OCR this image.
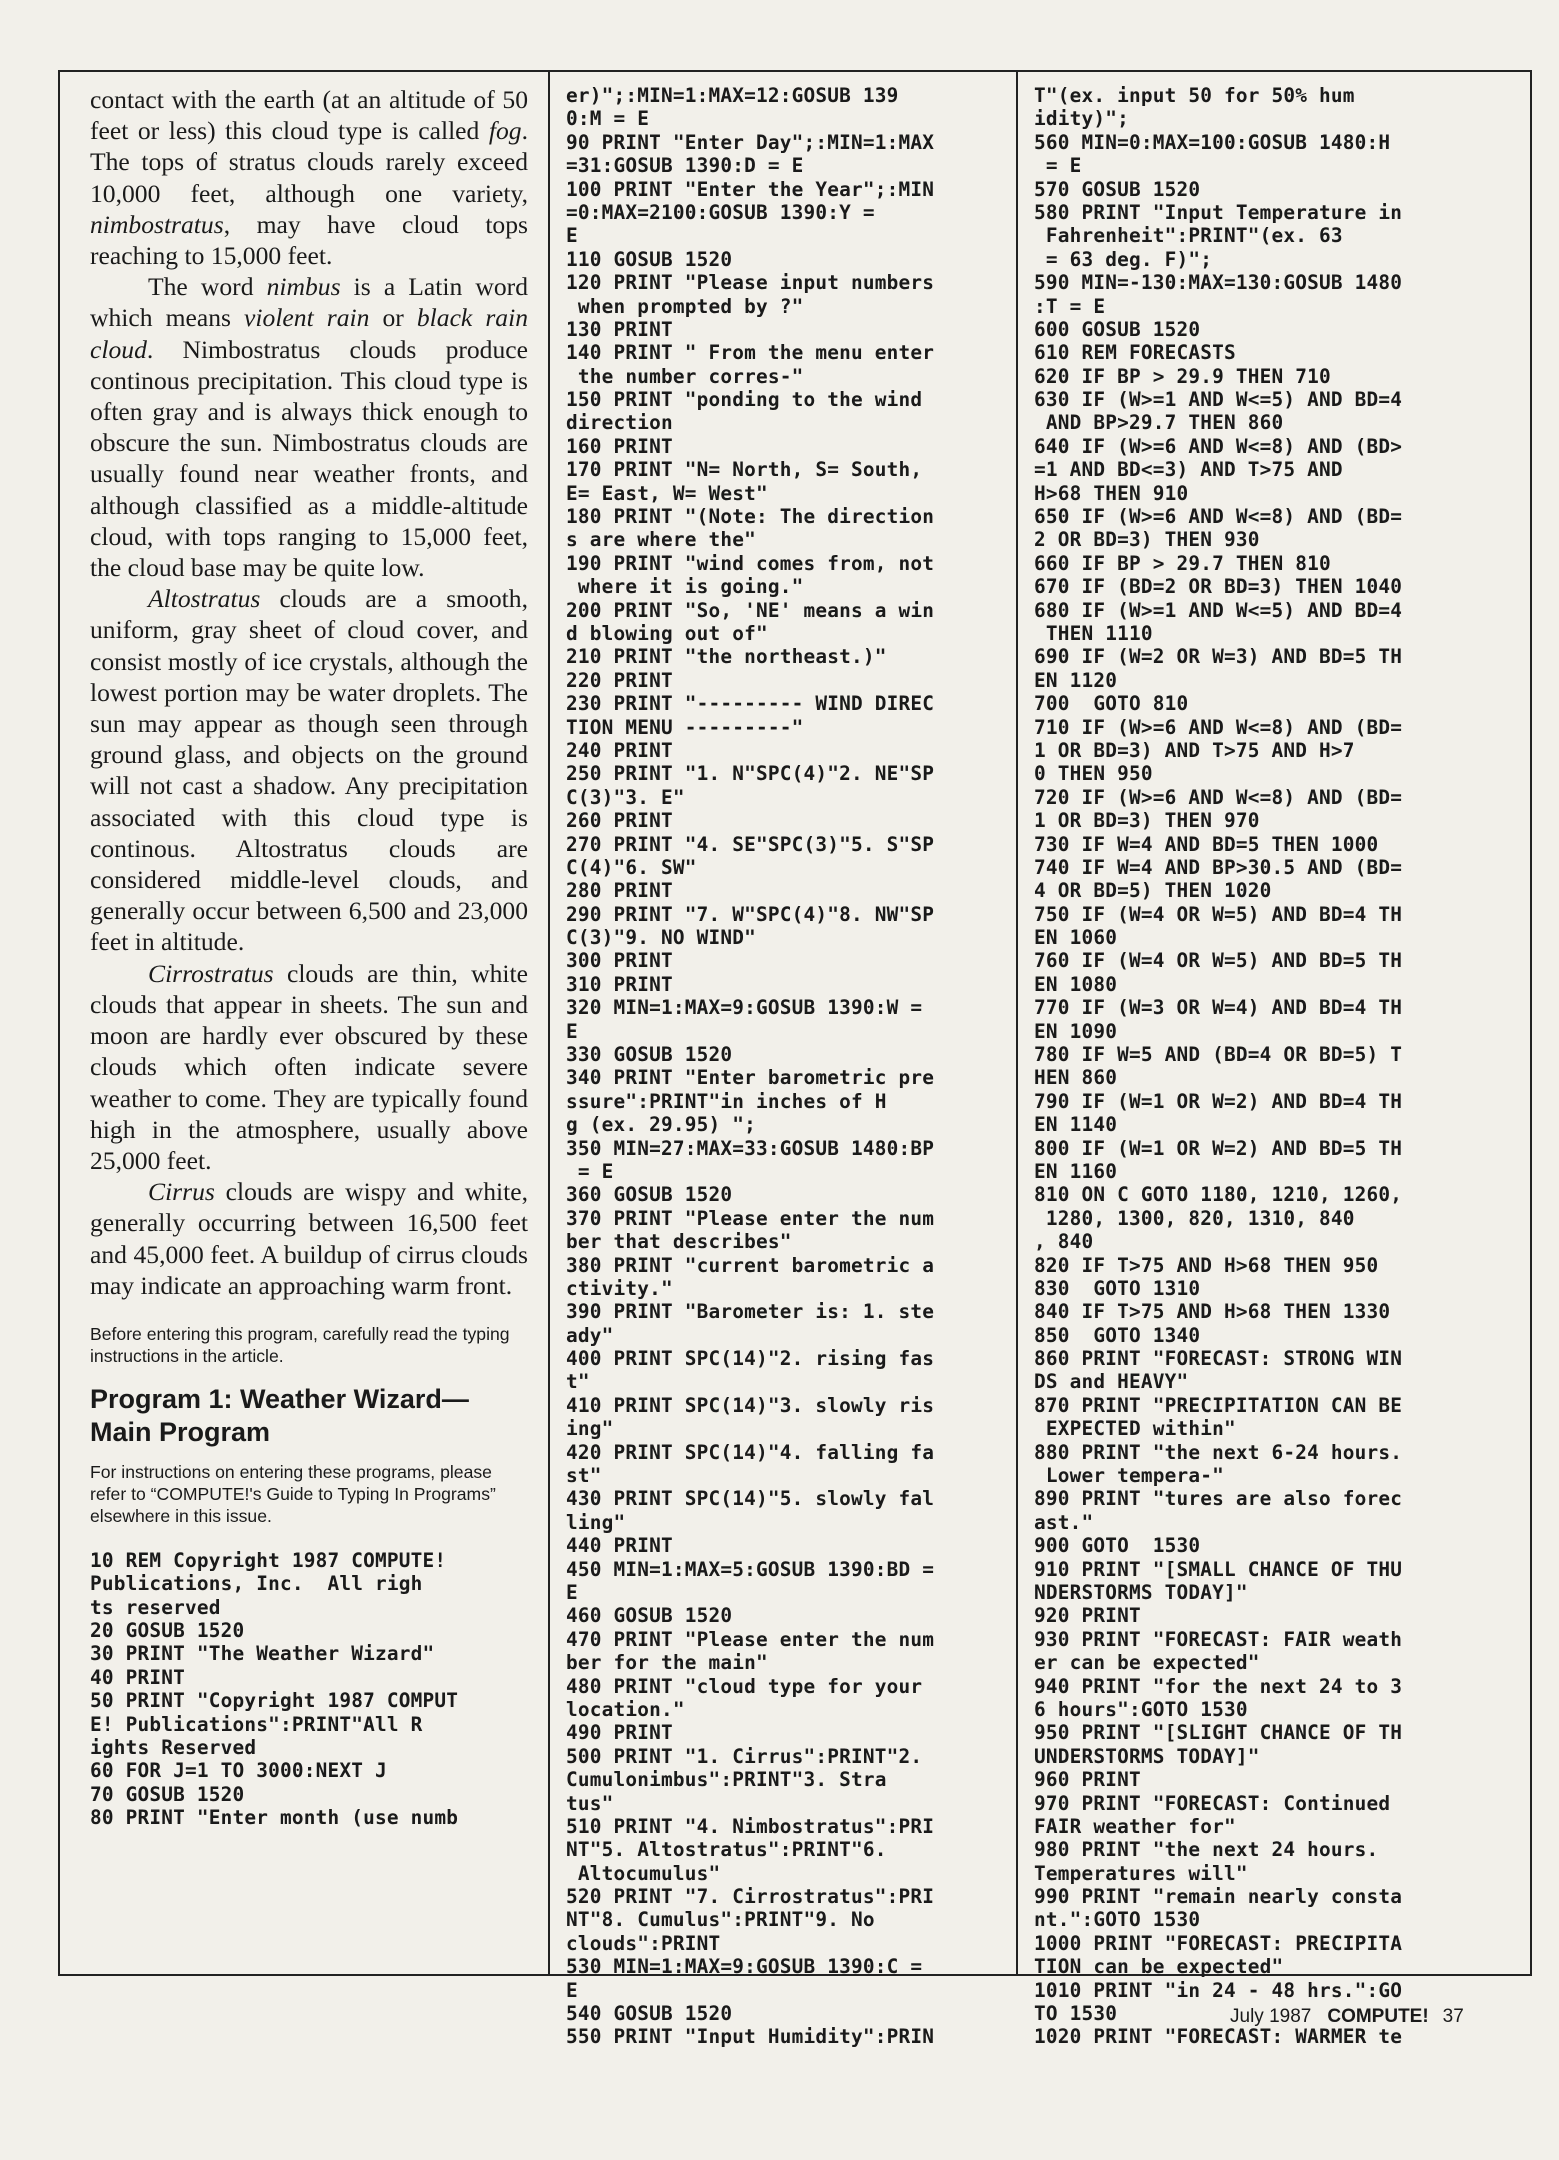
contact with the earth (at an altitude of 50 feet or less) this cloud type is called fog. The tops of stratus clouds rarely exceed 10,000 feet, although one variety, nimbostratus, may have cloud tops reaching to 15,000 feet.

The word nimbus is a Latin word which means violent rain or black rain cloud. Nimbostratus clouds produce continous precipitation. This cloud type is often gray and is always thick enough to obscure the sun. Nimbostratus clouds are usually found near weather fronts, and although classified as a middle-altitude cloud, with tops ranging to 15,000 feet, the cloud base may be quite low.

Altostratus clouds are a smooth, uniform, gray sheet of cloud cover, and consist mostly of ice crystals, although the lowest portion may be water droplets. The sun may appear as though seen through ground glass, and objects on the ground will not cast a shadow. Any precipitation associated with this cloud type is continous. Altostratus clouds are considered middle-level clouds, and generally occur between 6,500 and 23,000 feet in altitude.

Cirrostratus clouds are thin, white clouds that appear in sheets. The sun and moon are hardly ever obscured by these clouds which often indicate severe weather to come. They are typically found high in the atmosphere, usually above 25,000 feet.

Cirrus clouds are wispy and white, generally occurring between 16,500 feet and 45,000 feet. A buildup of cirrus clouds may indicate an approaching warm front.

Before entering this program, carefully read the typing instructions in the article.

Program 1: Weather Wizard—Main Program

For instructions on entering these programs, please refer to “COMPUTE!'s Guide to Typing In Programs” elsewhere in this issue.

10 REM Copyright 1987 COMPUTE!
Publications, Inc.  All righ
ts reserved
20 GOSUB 1520
30 PRINT "The Weather Wizard"
40 PRINT
50 PRINT "Copyright 1987 COMPUT
E! Publications":PRINT"All R
ights Reserved
60 FOR J=1 TO 3000:NEXT J
70 GOSUB 1520
80 PRINT "Enter month (use numb
er)";:MIN=1:MAX=12:GOSUB 139
0:M = E
90 PRINT "Enter Day";:MIN=1:MAX
=31:GOSUB 1390:D = E
100 PRINT "Enter the Year";:MIN
=0:MAX=2100:GOSUB 1390:Y =
E
110 GOSUB 1520
120 PRINT "Please input numbers
when prompted by ?"
130 PRINT
140 PRINT " From the menu enter
the number corres-"
150 PRINT "ponding to the wind
direction
160 PRINT
170 PRINT "N= North, S= South,
E= East, W= West"
180 PRINT "(Note: The direction
s are where the"
190 PRINT "wind comes from, not
where it is going."
200 PRINT "So, 'NE' means a win
d blowing out of"
210 PRINT "the northeast.)"
220 PRINT
230 PRINT "--------- WIND DIREC
TION MENU ---------"
240 PRINT
250 PRINT "1. N"SPC(4)"2. NE"SP
C(3)"3. E"
260 PRINT
270 PRINT "4. SE"SPC(3)"5. S"SP
C(4)"6. SW"
280 PRINT
290 PRINT "7. W"SPC(4)"8. NW"SP
C(3)"9. NO WIND"
300 PRINT
310 PRINT
320 MIN=1:MAX=9:GOSUB 1390:W =
E
330 GOSUB 1520
340 PRINT "Enter barometric pre
ssure":PRINT"in inches of H
g (ex. 29.95) ";
350 MIN=27:MAX=33:GOSUB 1480:BP
= E
360 GOSUB 1520
370 PRINT "Please enter the num
ber that describes"
380 PRINT "current barometric a
ctivity."
390 PRINT "Barometer is: 1. ste
ady"
400 PRINT SPC(14)"2. rising fas
t"
410 PRINT SPC(14)"3. slowly ris
ing"
420 PRINT SPC(14)"4. falling fa
st"
430 PRINT SPC(14)"5. slowly fal
ling"
440 PRINT
450 MIN=1:MAX=5:GOSUB 1390:BD =
E
460 GOSUB 1520
470 PRINT "Please enter the num
ber for the main"
480 PRINT "cloud type for your
location."
490 PRINT
500 PRINT "1. Cirrus":PRINT"2.
Cumulonimbus":PRINT"3. Stra
tus"
510 PRINT "4. Nimbostratus":PRI
NT"5. Altostratus":PRINT"6.
Altocumulus"
520 PRINT "7. Cirrostratus":PRI
NT"8. Cumulus":PRINT"9. No
clouds":PRINT
530 MIN=1:MAX=9:GOSUB 1390:C =
E
540 GOSUB 1520
550 PRINT "Input Humidity":PRIN
T"(ex. input 50 for 50% hum
idity)";
560 MIN=0:MAX=100:GOSUB 1480:H
= E
570 GOSUB 1520
580 PRINT "Input Temperature in
Fahrenheit":PRINT"(ex. 63
= 63 deg. F)";
590 MIN=-130:MAX=130:GOSUB 1480
:T = E
600 GOSUB 1520
610 REM FORECASTS
620 IF BP > 29.9 THEN 710
630 IF (W>=1 AND W<=5) AND BD=4
AND BP>29.7 THEN 860
640 IF (W>=6 AND W<=8) AND (BD>
=1 AND BD<=3) AND T>75 AND
H>68 THEN 910
650 IF (W>=6 AND W<=8) AND (BD=
2 OR BD=3) THEN 930
660 IF BP > 29.7 THEN 810
670 IF (BD=2 OR BD=3) THEN 1040
680 IF (W>=1 AND W<=5) AND BD=4
THEN 1110
690 IF (W=2 OR W=3) AND BD=5 TH
EN 1120
700  GOTO 810
710 IF (W>=6 AND W<=8) AND (BD=
1 OR BD=3) AND T>75 AND H>7
0 THEN 950
720 IF (W>=6 AND W<=8) AND (BD=
1 OR BD=3) THEN 970
730 IF W=4 AND BD=5 THEN 1000
740 IF W=4 AND BP>30.5 AND (BD=
4 OR BD=5) THEN 1020
750 IF (W=4 OR W=5) AND BD=4 TH
EN 1060
760 IF (W=4 OR W=5) AND BD=5 TH
EN 1080
770 IF (W=3 OR W=4) AND BD=4 TH
EN 1090
780 IF W=5 AND (BD=4 OR BD=5) T
HEN 860
790 IF (W=1 OR W=2) AND BD=4 TH
EN 1140
800 IF (W=1 OR W=2) AND BD=5 TH
EN 1160
810 ON C GOTO 1180, 1210, 1260,
1280, 1300, 820, 1310, 840
, 840
820 IF T>75 AND H>68 THEN 950
830  GOTO 1310
840 IF T>75 AND H>68 THEN 1330
850  GOTO 1340
860 PRINT "FORECAST: STRONG WIN
DS and HEAVY"
870 PRINT "PRECIPITATION CAN BE
EXPECTED within"
880 PRINT "the next 6-24 hours.
Lower tempera-"
890 PRINT "tures are also forec
ast."
900 GOTO  1530
910 PRINT "[SMALL CHANCE OF THU
NDERSTORMS TODAY]"
920 PRINT
930 PRINT "FORECAST: FAIR weath
er can be expected"
940 PRINT "for the next 24 to 3
6 hours":GOTO 1530
950 PRINT "[SLIGHT CHANCE OF TH
UNDERSTORMS TODAY]"
960 PRINT
970 PRINT "FORECAST: Continued
FAIR weather for"
980 PRINT "the next 24 hours.
Temperatures will"
990 PRINT "remain nearly consta
nt.":GOTO 1530
1000 PRINT "FORECAST: PRECIPITA
TION can be expected"
1010 PRINT "in 24 - 48 hrs.":GO
TO 1530
1020 PRINT "FORECAST: WARMER te
July 1987 COMPUTE! 37
